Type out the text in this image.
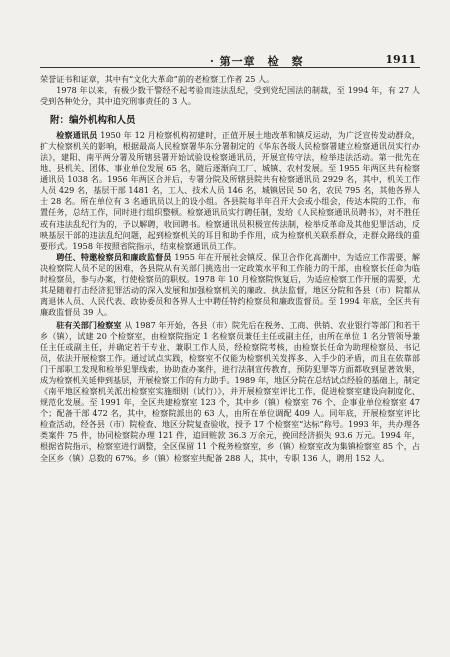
· 第一章　检　察	1911

荣誉证书和证章，其中有“文化大革命”前的老检察工作者 25 人。

1978 年以来，有极少数干警经不起考验而违法乱纪，受到党纪国法的制裁，至 1994 年，有 27 人受到各种处分，其中追究刑事责任的 3 人。

附：编外机构和人员

检察通讯员 1950 年 12 月检察机构初建时，正值开展土地改革和镇反运动，为广泛宣传发动群众，扩大检察机关的影响，根据最高人民检察署华东分署制定的《华东各级人民检察署建立检察通讯员实行办法》，建阳、南平两分署及所辖县署开始试验设检察通讯员，开展宣传守法，检举违法活动。第一批先在地、县机关、团体、事业单位发展 65 名，随后逐渐向工厂、城镇、农村发展。至 1955 年两区共有检察通讯员 1038 名。1956 年两区合并后，专署分院及所辖县院共有检察通讯员 2929 名，其中，机关工作人员 429 名，基层干部 1481 名，工人、技术人员 146 名，城镇居民 50 名，农民 795 名，其他各界人士 28 名。所在单位有 3 名通讯员以上的设小组。各县院每半年召开大会或小组会，传达本院的工作，布置任务，总结工作，同时进行组织整顿。检察通讯员实行聘任制，发给《人民检察通讯员聘书》，对不胜任或有违法乱纪行为的，予以解聘，收回聘书。检察通讯员积极宣传法制，检举反革命及其他犯罪活动，反映基层干部的违法乱纪问题，起到检察机关的耳目和助手作用，成为检察机关联系群众，走群众路线的重要形式。1958 年按照省院指示，结束检察通讯员工作。

聘任、特邀检察员和廉政监督员 1955 年在开展社会镇反、保卫合作化高潮中，为适应工作需要，解决检察院人员不足的困难，各县院从有关部门挑选出一定政策水平和工作能力的干部，由检察长任命为临时检察员，参与办案，行使检察员的职权。1978 年 10 月检察院恢复后，为适应检察工作开展的需要，尤其是随着打击经济犯罪活动的深入发展和加强检察机关的廉政、执法监督，地区分院和各县（市）院都从离退休人员、人民代表、政协委员和各界人士中聘任特约检察员和廉政监督员。至 1994 年底，全区共有廉政监督员 39 人。

驻有关部门检察室 从 1987 年开始，各县（市）院先后在税务、工商、供销、农业银行等部门和若干乡（镇），试建 20 个检察室，由检察院指定 1 名检察员兼任主任或副主任，由所在单位 1 名分管领导兼任主任或副主任，并确定若干专业、兼职工作人员，经检察院考核，由检察长任命为助理检察员、书记员，依法开展检察工作。通过试点实践，检察室不仅能为检察机关发挥多、入手少的矛盾，而且在依靠部门干部职工发现和检举犯罪线索，协助查办案件，进行法制宣传教育，预防犯罪等方面都收到显著效果，成为检察机关延伸到基层，开展检察工作的有力助手。1989 年，地区分院在总结试点经验的基础上，制定《南平地区检察机关派出检察室实施细则（试行）》，并开展检察室评比工作，促进检察室建设向制度化、规范化发展。至 1991 年，全区共建检察室 123 个，其中乡（镇）检察室 76 个、企事业单位检察室 47 个；配备干部 472 名，其中，检察院派出的 63 人，由所在单位调配 409 人。同年底，开展检察室评比检查活动，经各县（市）院检查、地区分院复查验收，授予 17 个检察室“达标”称号。1993 年，共办理各类案件 75 件，协同检察院办理 121 件，追回赃款 36.3 万余元，挽回经济损失 93.6 万元。1994 年，根据省院指示，检察室进行调整，全区保留 11 个税务检察室，乡（镇）检察室改为集镇检察室 85 个，占全区乡（镇）总数的 67%。乡（镇）检察室共配备 288 人，其中，专职 136 人，聘用 152 人。
